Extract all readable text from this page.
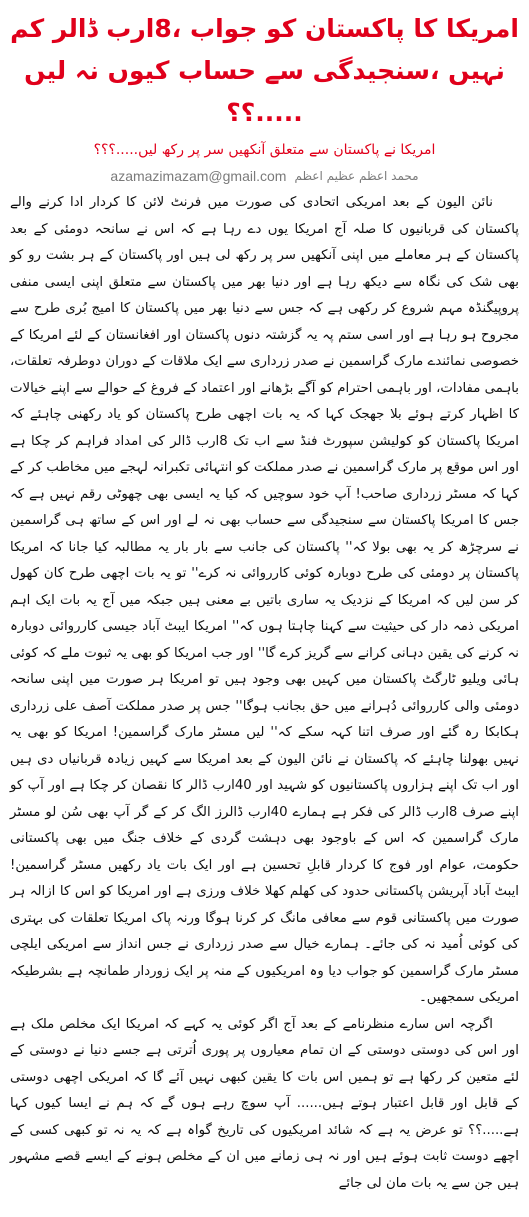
امریکا کا پاکستان کو جواب ،8ارب ڈالر کم نہیں ،سنجیدگی سے حساب کیوں نہ لیں .....؟؟
امریکا نے پاکستان سے متعلق آنکھیں سر پر رکھ لیں.....؟؟؟
azamazimazam@gmail.com محمد اعظم عظیم اعظم

نائن الیون کے بعد امریکی اتحادی کی صورت میں فرنٹ لائن کا کردار ادا کرنے والے پاکستان کی قربانیوں کا صلہ آج امریکا یوں دے رہا ہے کہ اس نے سانحہ دومئی کے بعد پاکستان کے ہر معاملے میں اپنی آنکھیں سر پر رکھ لی ہیں اور پاکستان کے ہر بشت رو کو بھی شک کی نگاہ سے دیکھ رہا ہے اور دنیا بھر میں پاکستان سے متعلق اپنی ایسی منفی پروپیگنڈہ مہم شروع کر رکھی ہے کہ جس سے دنیا بھر میں پاکستان کا امیج بُری طرح سے مجروح ہو رہا ہے اور اسی ستم پہ یہ گزشتہ دنوں پاکستان اور افغانستان کے لئے امریکا کے خصوصی نمائندے مارک گراسمین نے صدر زرداری سے ایک ملاقات کے دوران دوطرفہ تعلقات، باہمی مفادات، اور باہمی احترام کو آگے بڑھانے اور اعتماد کے فروغ کے حوالے سے اپنے خیالات کا اظہار کرتے ہوئے بلا جھجک کہا کہ یہ بات اچھی طرح پاکستان کو یاد رکھنی چاہئے کہ امریکا پاکستان کو کولیشن سپورٹ فنڈ سے اب تک 8ارب ڈالر کی امداد فراہم کر چکا ہے اور اس موقع پر مارک گراسمین نے صدر مملکت کو انتہائی تکبرانہ لہجے میں مخاطب کر کے کہا کہ مسٹر زرداری صاحب! آپ خود سوچیں کہ کیا یہ ایسی بھی چھوٹی رقم نہیں ہے کہ جس کا امریکا پاکستان سے سنجیدگی سے حساب بھی نہ لے اور اس کے ساتھ ہی گراسمین نے سرچڑھ کر یہ بھی بولا کہ'' پاکستان کی جانب سے بار بار یہ مطالبہ کیا جانا کہ امریکا پاکستان پر دومئی کی طرح دوبارہ کوئی کارروائی نہ کرے'' تو یہ بات اچھی طرح کان کھول کر سن لیں کہ امریکا کے نزدیک یہ ساری باتیں بے معنی ہیں جبکہ میں آج یہ بات ایک اہم امریکی ذمہ دار کی حیثیت سے کہنا چاہتا ہوں کہ'' امریکا ایبٹ آباد جیسی کارروائی دوبارہ نہ کرنے کی یقین دہانی کرانے سے گریز کرے گا'' اور جب امریکا کو بھی یہ ثبوت ملے کہ کوئی ہائی ویلیو ٹارگٹ پاکستان میں کہیں بھی وجود ہیں تو امریکا ہر صورت میں اپنی سانحہ دومئی والی کارروائی دُہرانے میں حق بجانب ہوگا'' جس پر صدر مملکت آصف علی زرداری ہکابکا رہ گئے اور صرف اتنا کہہ سکے کہ'' لیں مسٹر مارک گراسمین! امریکا کو بھی یہ نہیں بھولنا چاہئے کہ پاکستان نے نائن الیون کے بعد امریکا سے کہیں زیادہ قربانیاں دی ہیں اور اب تک اپنے ہزاروں پاکستانیوں کو شہید اور 40ارب ڈالر کا نقصان کر چکا ہے اور آپ کو اپنے صرف 8ارب ڈالر کی فکر ہے ہمارے 40ارب ڈالرز الگ کر کے گر آپ بھی سُن لو مسٹر مارک گراسمین کہ اس کے باوجود بھی دہشت گردی کے خلاف جنگ میں بھی پاکستانی حکومت، عوام اور فوج کا کردار قابلِ تحسین ہے اور ایک بات یاد رکھیں مسٹر گراسمین! ایبٹ آباد آپریشن پاکستانی حدود کی کھلم کھلا خلاف ورزی ہے اور امریکا کو اس کا ازالہ ہر صورت میں پاکستانی قوم سے معافی مانگ کر کرنا ہوگا ورنہ پاک امریکا تعلقات کی بہتری کی کوئی اُمید نہ کی جائے۔ ہمارے خیال سے صدر زرداری نے جس انداز سے امریکی ایلچی مسٹر مارک گراسمین کو جواب دیا وہ امریکیوں کے منہ پر ایک زوردار طمانچہ ہے بشرطیکہ امریکی سمجھیں۔

اگرچہ اس سارے منظرنامے کے بعد آج اگر کوئی یہ کہے کہ امریکا ایک مخلص ملک ہے اور اس کی دوستی دوستی کے ان تمام معیاروں پر پوری اُترتی ہے جسے دنیا نے دوستی کے لئے متعین کر رکھا ہے تو ہمیں اس بات کا یقین کبھی نہیں آئے گا کہ امریکی اچھی دوستی کے قابل اور قابل اعتبار ہوتے ہیں...... آپ سوچ رہے ہوں گے کہ ہم نے ایسا کیوں کہا ہے.....؟؟ تو عرض یہ ہے کہ شائد امریکیوں کی تاریخ گواہ ہے کہ یہ نہ تو کبھی کسی کے اچھے دوست ثابت ہوئے ہیں اور نہ ہی زمانے میں ان کے مخلص ہونے کے ایسے قصے مشہور ہیں جن سے یہ بات مان لی جائے
